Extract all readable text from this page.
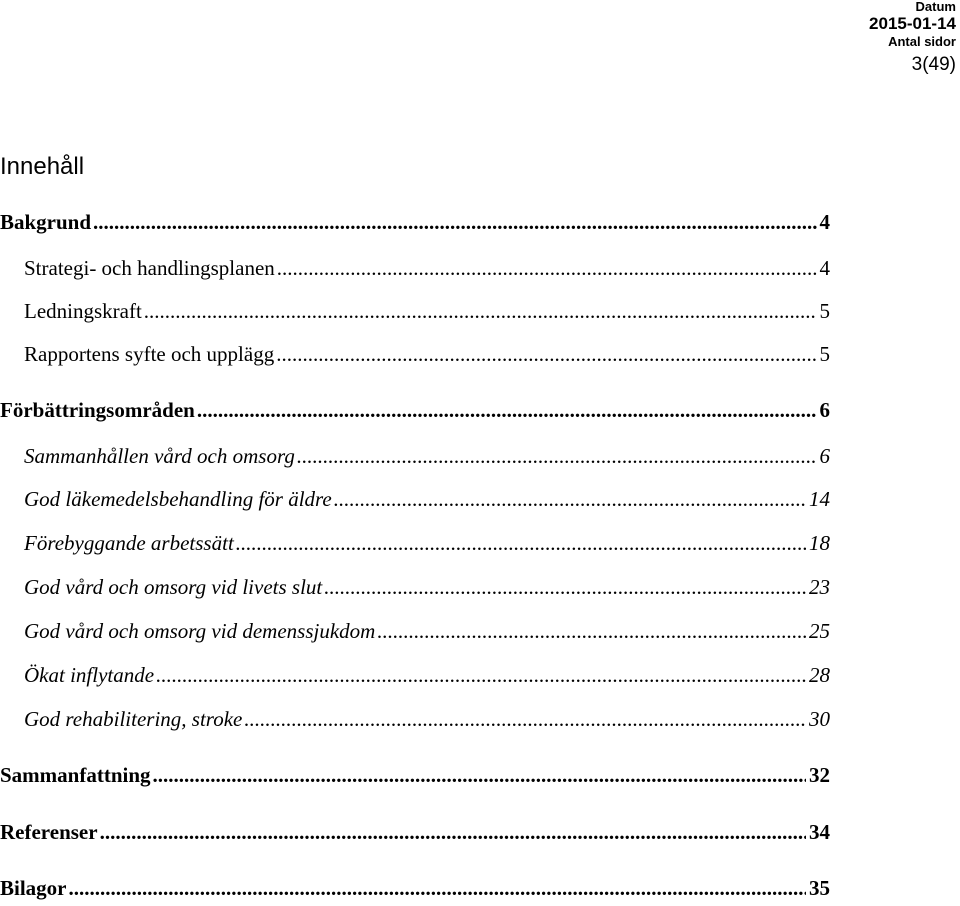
Datum
2015-01-14
Antal sidor
3(49)
Innehåll
Bakgrund .....	4
Strategi- och handlingsplanen .....	4
Ledningskraft .....	5
Rapportens syfte och upplägg .....	5
Förbättringsområden .....	6
Sammanhållen vård och omsorg .....	6
God läkemedelsbehandling för äldre .....	14
Förebyggande arbetssätt .....	18
God vård och omsorg vid livets slut .....	23
God vård och omsorg vid demenssjukdom .....	25
Ökat inflytande .....	28
God rehabilitering, stroke .....	30
Sammanfattning .....	32
Referenser .....	34
Bilagor .....	35
